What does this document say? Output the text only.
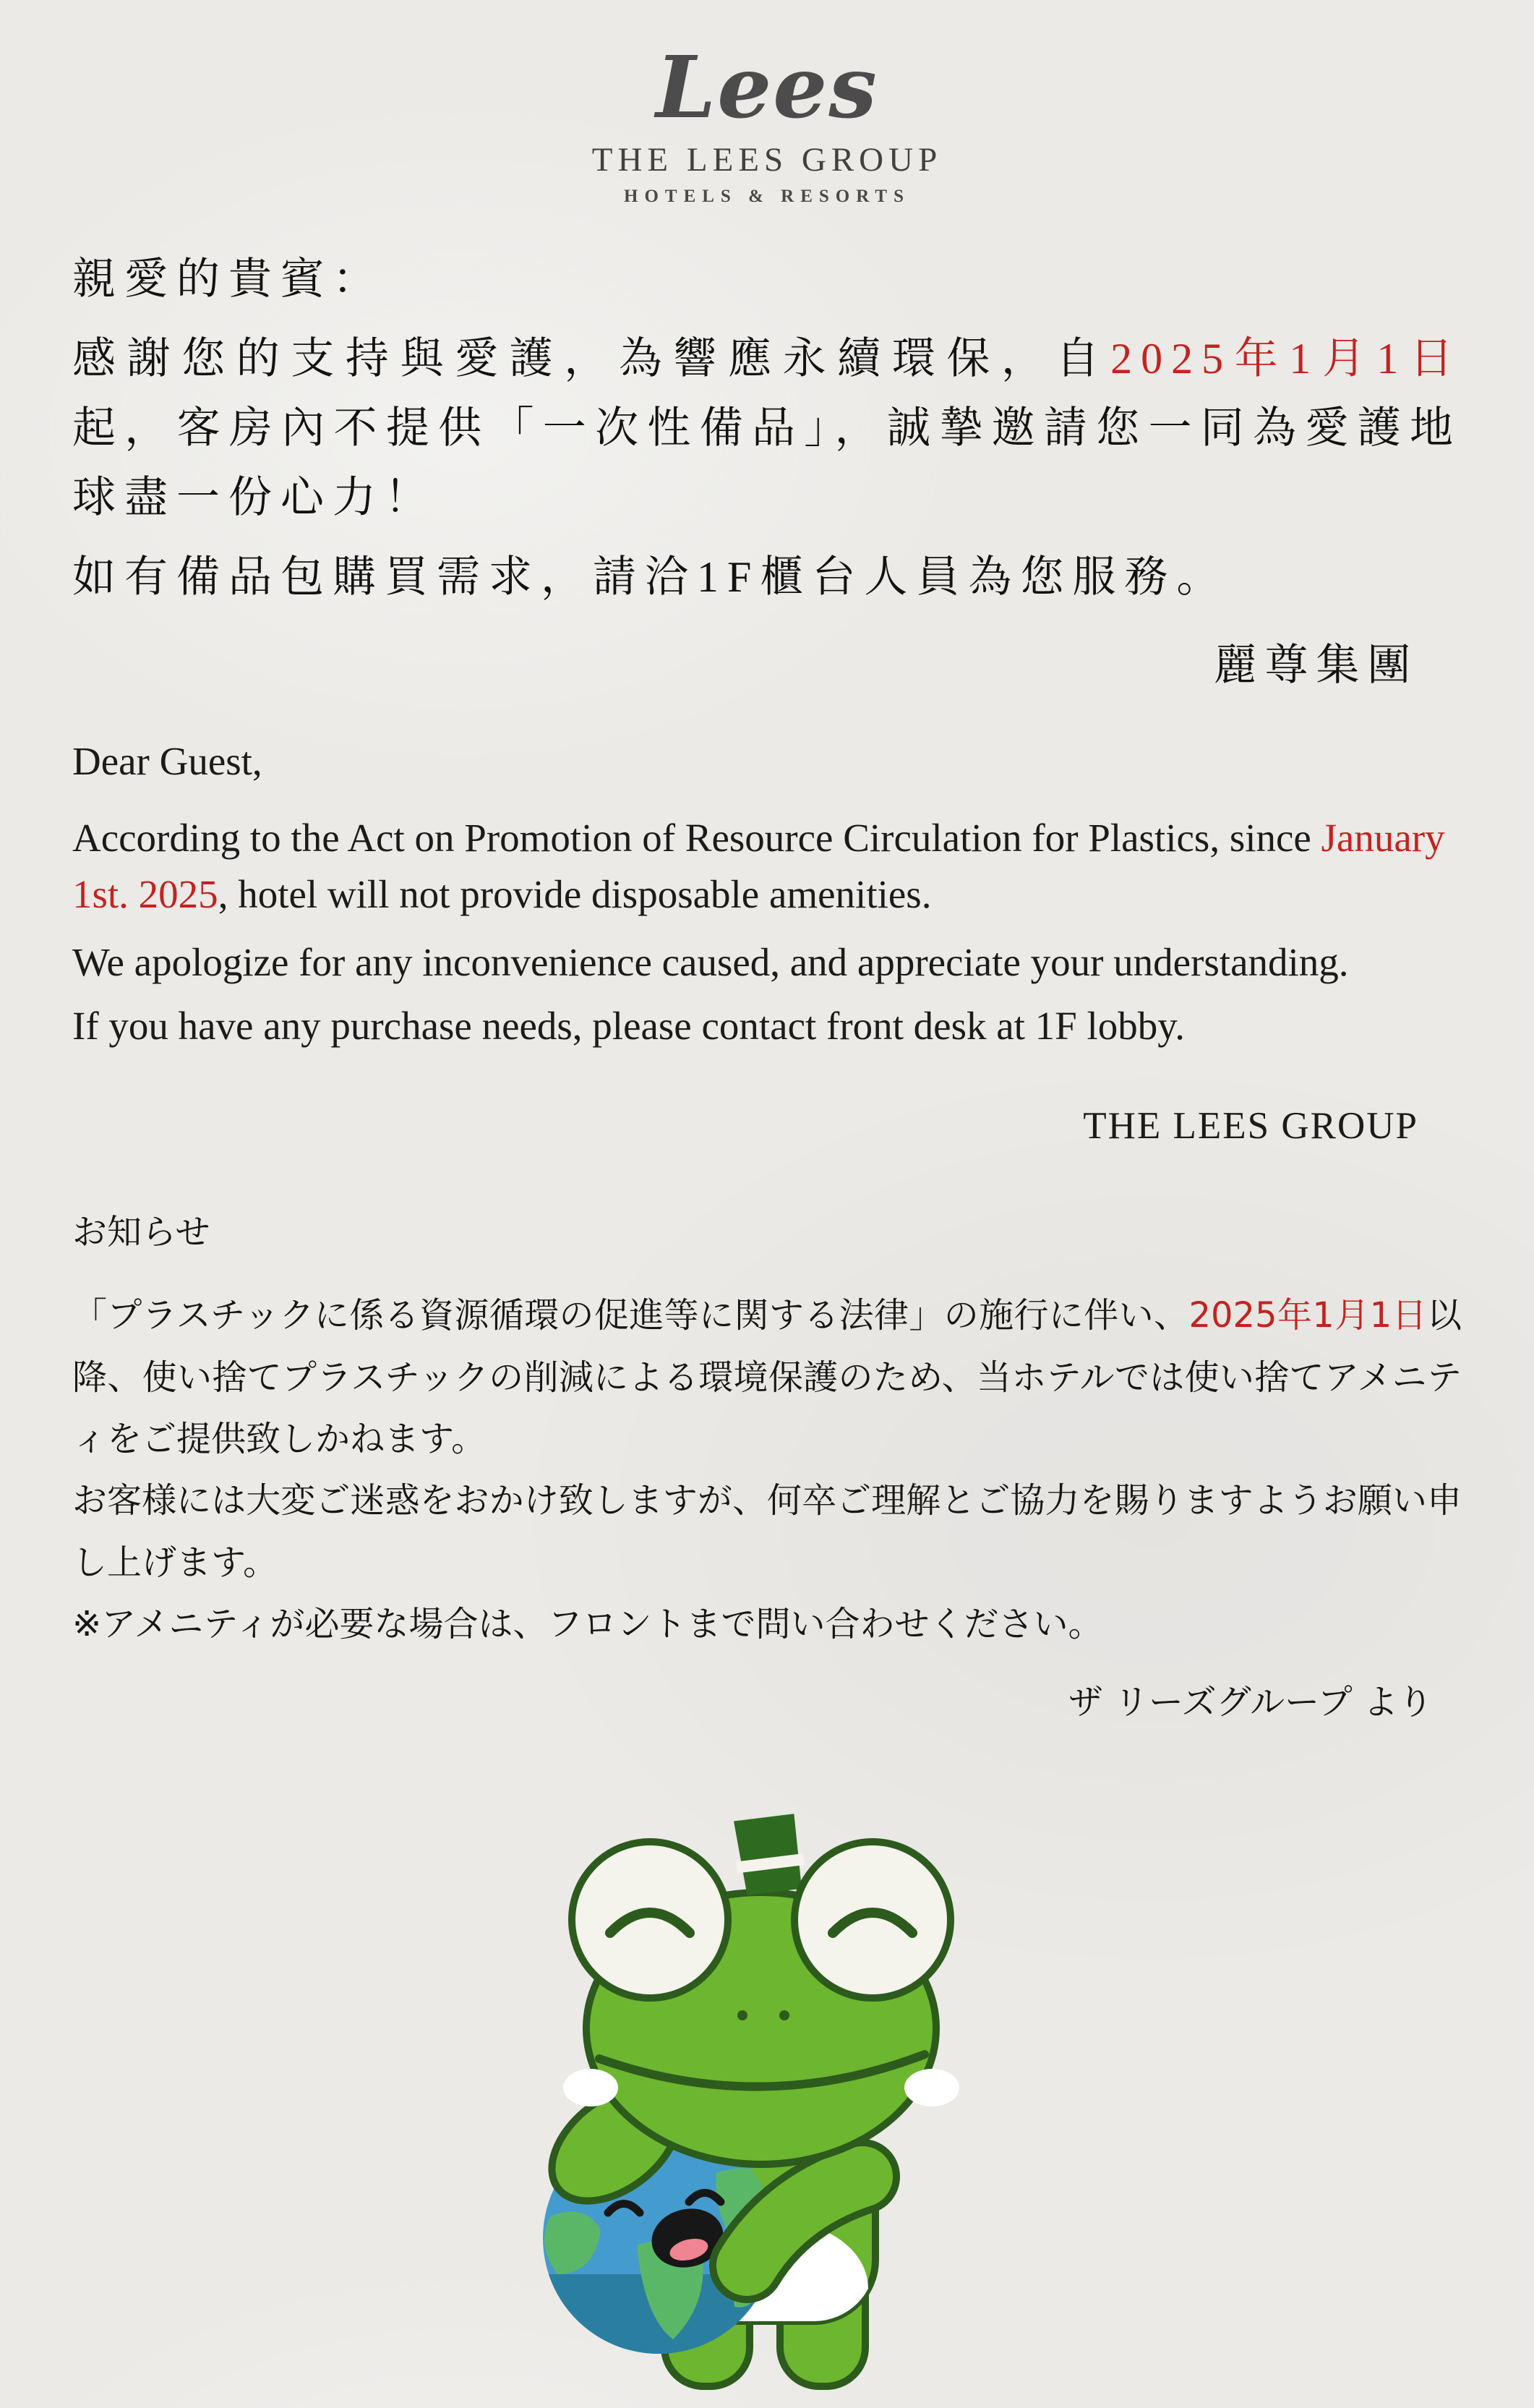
Lees
THE LEES GROUP
HOTELS & RESORTS

親愛的貴賓：

感謝您的支持與愛護，為響應永續環保，自2025年1月1日起，客房內不提供「一次性備品」，誠摯邀請您一同為愛護地球盡一份心力！

如有備品包購買需求，請洽1F櫃台人員為您服務。

麗尊集團

Dear Guest,

According to the Act on Promotion of Resource Circulation for Plastics, since January 1st. 2025, hotel will not provide disposable amenities.

We apologize for any inconvenience caused, and appreciate your understanding.

If you have any purchase needs, please contact front desk at 1F lobby.

THE LEES GROUP

お知らせ

「プラスチックに係る資源循環の促進等に関する法律」の施行に伴い、2025年1月1日以降、使い捨てプラスチックの削減による環境保護のため、当ホテルでは使い捨てアメニティをご提供致しかねます。

お客様には大変ご迷惑をおかけ致しますが、何卒ご理解とご協力を賜りますようお願い申し上げます。

※アメニティが必要な場合は、フロントまで問い合わせください。

ザ リーズグループ より
